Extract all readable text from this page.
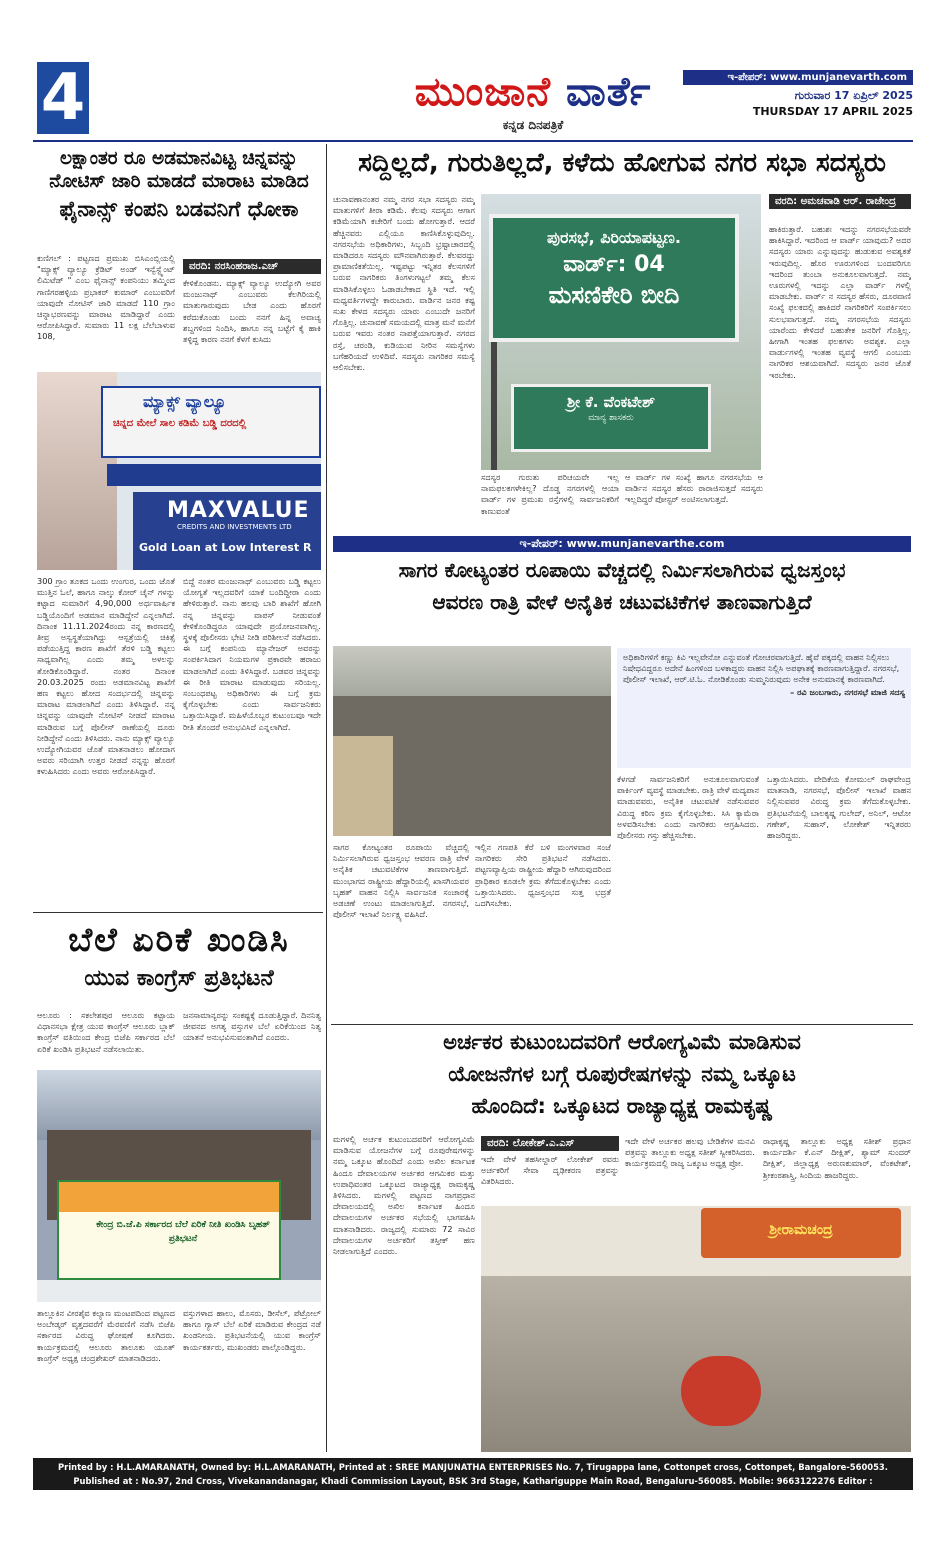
4	ಮುಂಜಾನೆ ವಾರ್ತೆ
ಕನ್ನಡ ದಿನಪತ್ರಿಕೆ
ಇ-ಪೇಪರ್: www.munjanevarth.com
ಗುರುವಾರ 17 ಏಪ್ರಿಲ್ 2025
THURSDAY 17 APRIL 2025
ಲಕ್ಷಾಂತರ ರೂ ಅಡಮಾನವಿಟ್ಟ ಚಿನ್ನವನ್ನು
ನೋಟಿಸ್ ಜಾರಿ ಮಾಡದೆ ಮಾರಾಟ ಮಾಡಿದ
ಫೈನಾನ್ಸ್ ಕಂಪನಿ ಬಡವನಿಗೆ ಧೋಕಾ
ಕುಣಿಗಲ್ : ಪಟ್ಟಣದ ಪ್ರಮುಖ ಬಿಸಿಎಂಬ್ಲಿಯಲ್ಲಿ "ಮ್ಯಾಕ್ಸ್ ವ್ಯಾಲ್ಯೂ ಕ್ರೆಡಿಟ್ ಅಂಡ್ ಇನ್ವೆಸ್ಟ್ಮೆಂಟ್ ಲಿಮಿಟೆಡ್ " ಎಂಬ ಫೈನಾನ್ಸ್ ಕಂಪನಿಯು ತಮ್ಮಿಂದ ಗಾಣಿಗರಹಳ್ಳಿಯ ಪ್ರಭಾಕರ್ ಕುಮಾರ್ ಎಂಬುವರಿಗೆ ಯಾವುದೇ ನೋಟಿಸ್ ಜಾರಿ ಮಾಡದೆ 110 ಗ್ರಾಂ ಚಿನ್ನಾಭರಣವನ್ನು ಮಾರಾಟ ಮಾಡಿದ್ದಾರೆ ಎಂದು ಆರೋಪಿಸಿದ್ದಾರೆ. ಸುಮಾರು 11 ಲಕ್ಷ ಬೆಲೆಬಾಳುವ 108,
ವರದಿ: ನರಸಿಂಹರಾಜ.ಎಚ್
ಕೇಳಿಕೊಂಡನು. ಮ್ಯಾಕ್ಸ್ ವ್ಯಾಲ್ಯೂ ಉದ್ಯೋಗಿ ಅವರ ಮಂಜುನಾಥ್ ಎಂಬುವರು ಕೆಲಗಿರಿಯಲ್ಲಿ ಮಾತುಗಾರುವುದು ಬೇಡ ಎಂದು ಹೊರಗೆ ಕರೆದುಕೊಂಡು ಬಂದು ನನಗೆ ಹಿನ್ನ ಅವಾಚ್ಯ ಶಬ್ದಗಳಿಂದ ನಿಂದಿಸಿ, ಹಾಗೂ ನನ್ನ ಬಟ್ಟೆಗೆ ಕೈ ಹಾಕಿ ತಳ್ಳಿದ್ದ ಕಾರಣ ನನಗೆ ಕೆಳಗೆ ಕುಸಿದು
ಮ್ಯಾಕ್ಸ್ ವ್ಯಾಲ್ಯೂ
ಚಿನ್ನದ ಮೇಲೆ ಸಾಲ ಕಡಿಮೆ ಬಡ್ಡಿ ದರದಲ್ಲಿ
MAXVALUE
CREDITS AND INVESTMENTS LTD
Gold Loan at Low Interest R
300 ಗ್ರಾಂ ತೂಕದ ಒಂದು ಉಂಗುರ, ಒಂದು ಜೊತೆ ಮುತ್ತಿನ ಓಲೆ, ಹಾಗೂ ನಾಲ್ಕು ಕೋರ್ ಚೈನ್ ಗಳನ್ನು ಕಟ್ಟಾದ ಸುಮಾರಿಗೆ 4,90,000 ಅರ್ಧವಾರ್ಷಿಕ ಬಡ್ಡಿಯೊಂದಿಗೆ ಅಡಮಾನ ಮಾಡಿದ್ದೇನೆ ಎನ್ನಲಾಗಿದೆ. ದಿನಾಂಕ 11.11.2024ರಂದು ನನ್ನ ಕಾರಣದಲ್ಲಿ ತೀವ್ರ ಅಸ್ವಸ್ಥತೆಯಾಗಿದ್ದು ಆಸ್ಪತ್ರೆಯಲ್ಲಿ ಚಿಕಿತ್ಸೆ ಪಡೆಯುತ್ತಿದ್ದ ಕಾರಣ ಶಾಖೆಗೆ ತೆರಳಿ ಬಡ್ಡಿ ಕಟ್ಟಲು ಸಾಧ್ಯವಾಗಿಲ್ಲ ಎಂದು ತಮ್ಮ ಅಳಲನ್ನು ತೋಡಿಕೊಂಡಿದ್ದಾರೆ. ನಂತರ ದಿನಾಂಕ 20.03.2025 ರಂದು ಅಡಮಾನವಿಟ್ಟ ಶಾಖೆಗೆ ಹಣ ಕಟ್ಟಲು ಹೋದ ಸಂದರ್ಭದಲ್ಲಿ ಚಿನ್ನವನ್ನು ಮಾರಾಟ ಮಾಡಲಾಗಿದೆ ಎಂದು ತಿಳಿಸಿದ್ದಾರೆ. ನನ್ನ ಚಿನ್ನವನ್ನು ಯಾವುದೇ ನೋಟಿಸ್ ನೀಡದೆ ಮಾರಾಟ ಮಾಡಿರುವ ಬಗ್ಗೆ ಪೊಲೀಸ್ ಠಾಣೆಯಲ್ಲಿ ದೂರು ನೀಡಿದ್ದೇನೆ ಎಂದು ತಿಳಿಸಿದರು. ನಾನು ಮ್ಯಾಕ್ಸ್ ವ್ಯಾಲ್ಯೂ ಉದ್ಯೋಗಿಯವರ ಜೊತೆ ಮಾತನಾಡಲು ಹೋದಾಗ ಅವರು ಸರಿಯಾಗಿ ಉತ್ತರ ನೀಡದೆ ನನ್ನನ್ನು ಹೊರಗೆ ಕಳುಹಿಸಿದರು ಎಂದು ಅವರು ಆರೋಪಿಸಿದ್ದಾರೆ.
ಬಿದ್ದೆ ನಂತರ ಮಂಜುನಾಥ್ ಎಂಬುವರು ಬಡ್ಡಿ ಕಟ್ಟಲು ಯೋಗ್ಯತೆ ಇಲ್ಲದವರಿಗೆ ಯಾಕೆ ಬಂದಿದ್ದೀರಾ ಎಂದು ಹೇಳಿರುತ್ತಾರೆ. ನಾನು ಹಲವು ಬಾರಿ ಶಾಖೆಗೆ ಹೋಗಿ ನನ್ನ ಚಿನ್ನವನ್ನು ವಾಪಸ್ ನೀಡುವಂತೆ ಕೇಳಿಕೊಂಡಿದ್ದರೂ ಯಾವುದೇ ಪ್ರಯೋಜನವಾಗಿಲ್ಲ. ಸ್ಥಳಕ್ಕೆ ಪೊಲೀಸರು ಭೇಟಿ ನೀಡಿ ಪರಿಶೀಲನೆ ನಡೆಸಿದರು. ಈ ಬಗ್ಗೆ ಕಂಪನಿಯ ಮ್ಯಾನೇಜರ್ ಅವರನ್ನು ಸಂಪರ್ಕಿಸಿದಾಗ ನಿಯಮಗಳ ಪ್ರಕಾರವೇ ಹರಾಜು ಮಾಡಲಾಗಿದೆ ಎಂದು ತಿಳಿಸಿದ್ದಾರೆ. ಬಡವರ ಚಿನ್ನವನ್ನು ಈ ರೀತಿ ಮಾರಾಟ ಮಾಡುವುದು ಸರಿಯಲ್ಲ. ಸಂಬಂಧಪಟ್ಟ ಅಧಿಕಾರಿಗಳು ಈ ಬಗ್ಗೆ ಕ್ರಮ ಕೈಗೊಳ್ಳಬೇಕು ಎಂದು ಸಾರ್ವಜನಿಕರು ಒತ್ತಾಯಿಸಿದ್ದಾರೆ. ಮಹಿಳೆಯೊಬ್ಬರ ಕುಟುಂಬವೂ ಇದೇ ರೀತಿ ತೊಂದರೆ ಅನುಭವಿಸಿದೆ ಎನ್ನಲಾಗಿದೆ.
ಬೆಲೆ ಏರಿಕೆ ಖಂಡಿಸಿ
ಯುವ ಕಾಂಗ್ರೆಸ್ ಪ್ರತಿಭಟನೆ
ಆಲೂರು : ಸಕಲೇಶಪುರ ಆಲೂರು ಕಟ್ಟಾಯ ವಿಧಾನಸಭಾ ಕ್ಷೇತ್ರ ಯುವ ಕಾಂಗ್ರೆಸ್ ಆಲೂರು ಬ್ಲಾಕ್ ಕಾಂಗ್ರೆಸ್ ವತಿಯಿಂದ ಕೇಂದ್ರ ಬಿಜೆಪಿ ಸರ್ಕಾರದ ಬೆಲೆ ಏರಿಕೆ ಖಂಡಿಸಿ ಪ್ರತಿಭಟನೆ ನಡೆಸಲಾಯಿತು.
ಜನಸಾಮಾನ್ಯರನ್ನು ಸಂಕಷ್ಟಕ್ಕೆ ದೂಡುತ್ತಿದ್ದಾರೆ. ದಿನನಿತ್ಯ ಜೀವನದ ಅಗತ್ಯ ವಸ್ತುಗಳ ಬೆಲೆ ಏರಿಕೆಯಿಂದ ನಿತ್ಯ ಯಾತನೆ ಅನುಭವಿಸುವಂತಾಗಿದೆ ಎಂದರು.
ಕೇಂದ್ರ ಬಿ.ಜೆ.ಪಿ ಸರ್ಕಾರದ ಬೆಲೆ ಏರಿಕೆ ನೀತಿ ಖಂಡಿಸಿ ಬೃಹತ್ ಪ್ರತಿಭಟನೆ
ತಾಲ್ಲೂಕಿನ ವೀರಶೈವ ಕಲ್ಯಾಣ ಮಂಟಪದಿಂದ ಪಟ್ಟಣದ ಅಂಬೇಡ್ಕರ್ ವೃತ್ತದವರೆಗೆ ಮೆರವಣಿಗೆ ನಡೆಸಿ ಬಿಜೆಪಿ ಸರ್ಕಾರದ ವಿರುದ್ಧ ಘೋಷಣೆ ಕೂಗಿದರು. ಕಾರ್ಯಕ್ರಮದಲ್ಲಿ ಆಲೂರು ತಾಲೂಕು ಯೂತ್ ಕಾಂಗ್ರೆಸ್ ಅಧ್ಯಕ್ಷ ಚಂದ್ರಶೇಖರ್ ಮಾತನಾಡಿದರು.
ವಸ್ತುಗಳಾದ ಹಾಲು, ಮೊಸರು, ಡೀಸೆಲ್, ಪೆಟ್ರೋಲ್ ಹಾಗೂ ಗ್ಯಾಸ್ ಬೆಲೆ ಏರಿಕೆ ಮಾಡಿರುವ ಕೇಂದ್ರದ ನಡೆ ಖಂಡನೀಯ. ಪ್ರತಿಭಟನೆಯಲ್ಲಿ ಯುವ ಕಾಂಗ್ರೆಸ್ ಕಾರ್ಯಕರ್ತರು, ಮುಖಂಡರು ಪಾಲ್ಗೊಂಡಿದ್ದರು.
ಸದ್ದಿಲ್ಲದೆ, ಗುರುತಿಲ್ಲದೆ, ಕಳೆದು ಹೋಗುವ ನಗರ ಸಭಾ ಸದಸ್ಯರು
ಚುನಾವಣಾನಂತರ ನಮ್ಮ ನಗರ ಸಭಾ ಸದಸ್ಯರು ನಮ್ಮ ಮಾತುಗಳಿಗೆ ತೀರಾ ಕಡಿಮೆ. ಕೆಲವು ಸದಸ್ಯರು ಆಗಾಗ ಕಡಿಮೆಯಾಗಿ ಕಚೇರಿಗೆ ಬಂದು ಹೋಗುತ್ತಾರೆ. ಆದರೆ ಹೆಚ್ಚಿನವರು ಎಲ್ಲಿಯೂ ಕಾಣಿಸಿಕೊಳ್ಳುವುದಿಲ್ಲ. ನಗರಸಭೆಯ ಅಧಿಕಾರಿಗಳು, ಸಿಬ್ಬಂದಿ ಭ್ರಷ್ಟಾಚಾರದಲ್ಲಿ ಮಾಡಿದರೂ ಸದಸ್ಯರು ಮೌನವಾಗಿರುತ್ತಾರೆ. ಕೆಲವರದ್ದು ಪ್ರಾಮಾಣಿಕತೆಯಿಲ್ಲ. ಇಷ್ಟಪಟ್ಟು ಇನ್ನಿತರ ಕೆಲಸಗಳಿಗೆ ಬರುವ ನಾಗರಿಕರು ತಿಂಗಳುಗಟ್ಟಲೆ ತಮ್ಮ ಕೆಲಸ ಮಾಡಿಸಿಕೊಳ್ಳಲು ಓಡಾಡಬೇಕಾದ ಸ್ಥಿತಿ ಇದೆ. ಇಲ್ಲಿ ಮಧ್ಯವರ್ತಿಗಳದ್ದೇ ಕಾರುಬಾರು. ವಾರ್ಡಿನ ಜನರ ಕಷ್ಟ ಸುಖ ಕೇಳದ ಸದಸ್ಯರು ಯಾರು ಎಂಬುದೇ ಜನರಿಗೆ ಗೊತ್ತಿಲ್ಲ. ಚುನಾವಣೆ ಸಮಯದಲ್ಲಿ ಮಾತ್ರ ಮನೆ ಮನೆಗೆ ಬರುವ ಇವರು ನಂತರ ನಾಪತ್ತೆಯಾಗುತ್ತಾರೆ. ನಗರದ ರಸ್ತೆ, ಚರಂಡಿ, ಕುಡಿಯುವ ನೀರಿನ ಸಮಸ್ಯೆಗಳು ಬಗೆಹರಿಯದೆ ಉಳಿದಿವೆ. ಸದಸ್ಯರು ನಾಗರಿಕರ ಸಮಸ್ಯೆ ಆಲಿಸಬೇಕು.
ಪುರಸಭೆ, ಪಿರಿಯಾಪಟ್ಟಣ.
ವಾರ್ಡ್: 04
ಮಸಣಿಕೇರಿ ಬೀದಿ
ಶ್ರೀ ಕೆ. ವೆಂಕಟೇಶ್
ಮಾನ್ಯ ಶಾಸಕರು
ವರದಿ: ಅಮಚವಾಡಿ ಆರ್. ರಾಜೇಂದ್ರ
ಹಾಕಿರುತ್ತಾರೆ. ಬಹುಶಃ ಇದನ್ನು ನಗರಸಭೆಯವರೇ ಹಾಕಿಸಿದ್ದಾರೆ. ಇದರಿಂದ ಆ ವಾರ್ಡ್ ಯಾವುದು? ಅದರ ಸದಸ್ಯರು ಯಾರು ಎನ್ನುವುದನ್ನು ಹುಡುಕುವ ಅವಶ್ಯಕತೆ ಇರುವುದಿಲ್ಲ. ಹೊರ ಊರುಗಳಿಂದ ಬಂದವರಿಗೂ ಇದರಿಂದ ತುಂಬಾ ಅನುಕೂಲವಾಗುತ್ತದೆ. ನಮ್ಮ ಊರುಗಳಲ್ಲಿ ಇದನ್ನು ಎಲ್ಲಾ ವಾರ್ಡ್ ಗಳಲ್ಲಿ ಮಾಡಬೇಕು. ವಾರ್ಡ್ ನ ಸದಸ್ಯರ ಹೆಸರು, ದೂರವಾಣಿ ಸಂಖ್ಯೆ ಫಲಕದಲ್ಲಿ ಹಾಕಿದರೆ ನಾಗರಿಕರಿಗೆ ಸಂಪರ್ಕಿಸಲು ಸುಲಭವಾಗುತ್ತದೆ. ನಮ್ಮ ನಗರಸಭೆಯ ಸದಸ್ಯರು ಯಾರೆಂದು ಕೇಳಿದರೆ ಬಹುತೇಕ ಜನರಿಗೆ ಗೊತ್ತಿಲ್ಲ. ಹೀಗಾಗಿ ಇಂತಹ ಫಲಕಗಳು ಅವಶ್ಯಕ. ಎಲ್ಲಾ ವಾರ್ಡುಗಳಲ್ಲಿ ಇಂತಹ ವ್ಯವಸ್ಥೆ ಆಗಲಿ ಎಂಬುದು ನಾಗರಿಕರ ಆಶಯವಾಗಿದೆ. ಸದಸ್ಯರು ಜನರ ಜೊತೆ ಇರಬೇಕು.
ಸದಸ್ಯರ ಗುರುತು ಪರಿಚಯವೇ ಇಲ್ಲ ನಾಮಫಲಕಗಳೇಕಿಲ್ಲ? ದೊಡ್ಡ ನಗರಗಳಲ್ಲಿ ಆಯಾ ವಾರ್ಡ್ ಗಳ ಪ್ರಮುಖ ರಸ್ತೆಗಳಲ್ಲಿ ಸಾರ್ವಜನಿಕರಿಗೆ ಕಾಣುವಂತೆ
ಆ ವಾರ್ಡ್ ಗಳ ಸಂಖ್ಯೆ ಹಾಗೂ ನಗರಸಭೆಯ ಆ ವಾರ್ಡಿನ ಸದಸ್ಯರ ಹೆಸರು ರಾರಾಜಿಸುತ್ತದೆ ಸದಸ್ಯರು ಇಲ್ಲದಿದ್ದರೆ ಪೋಸ್ಟರ್ ಅಂಟಿಸಲಾಗುತ್ತದೆ.
ಇ-ಪೇಪರ್: www.munjanevarthe.com
ಸಾಗರ ಕೋಟ್ಯಂತರ ರೂಪಾಯಿ ವೆಚ್ಚದಲ್ಲಿ ನಿರ್ಮಿಸಲಾಗಿರುವ ಧ್ವಜಸ್ತಂಭ
ಆವರಣ ರಾತ್ರಿ ವೇಳೆ ಅನೈತಿಕ ಚಟುವಟಿಕೆಗಳ ತಾಣವಾಗುತ್ತಿದೆ
ಅಧಿಕಾರಿಗಳಿಗೆ ಕಣ್ಣು ಕಿವಿ ಇಲ್ಲವೇನೋ ಎನ್ನುವಂತೆ ಗೋಚರವಾಗುತ್ತಿದೆ. ಹೈವೆ ಪಕ್ಕದಲ್ಲಿ ವಾಹನ ನಿಲ್ಲಿಸಲು ನಿಷೇಧವಿದ್ದರೂ ಅದೇನೆ ಹಿಂಗಳಿಂದ ಬಳಕಾದ್ದರು ವಾಹನ ನಿಲ್ಲಿಸಿ ಅಪಘಾತಕ್ಕೆ ಕಾರಣವಾಗುತ್ತಿದ್ದಾರೆ. ನಗರಸಭೆ, ಪೊಲೀಸ್ ಇಲಾಖೆ, ಆರ್.ಟಿ.ಓ. ನೋಡಿಕೊಂಡು ಸುಮ್ಮನಿರುವುದು ಅನೇಕ ಅನುಮಾನಕ್ಕೆ ಕಾರಣವಾಗಿದೆ.
– ರವಿ ಜಂಬಗಾರು, ನಗರಸಭೆ ಮಾಜಿ ಸದಸ್ಯ
ಕೆಳಗಡೆ ಸಾರ್ವಜನಿಕರಿಗೆ ಅನುಕೂಲವಾಗುವಂತೆ ಪಾರ್ಕಿಂಗ್ ವ್ಯವಸ್ಥೆ ಮಾಡಬೇಕು. ರಾತ್ರಿ ವೇಳೆ ಮದ್ಯಪಾನ ಮಾಡುವವರು, ಅನೈತಿಕ ಚಟುವಟಿಕೆ ನಡೆಸುವವರ ವಿರುದ್ಧ ಕಠಿಣ ಕ್ರಮ ಕೈಗೊಳ್ಳಬೇಕು. ಸಿಸಿ ಕ್ಯಾಮೆರಾ ಅಳವಡಿಸಬೇಕು ಎಂದು ನಾಗರಿಕರು ಆಗ್ರಹಿಸಿದರು. ಪೊಲೀಸರು ಗಸ್ತು ಹೆಚ್ಚಿಸಬೇಕು.
ಒತ್ತಾಯಿಸಿದರು. ವೇದಿಕೆಯ ಕೋಮುಲ್ ರಾಘವೇಂದ್ರ ಮಾತನಾಡಿ, ನಗರಸಭೆ, ಪೊಲೀಸ್ ಇಲಾಖೆ ವಾಹನ ನಿಲ್ಲಿಸುವವರ ವಿರುದ್ಧ ಕ್ರಮ ತೆಗೆದುಕೊಳ್ಳಬೇಕು. ಪ್ರತಿಭಟನೆಯಲ್ಲಿ ಬಾಲಕೃಷ್ಣ ಗುಲೇದ್, ಅನಿಲ್, ಆಟೋ ಗಣೇಶ್, ಸುಹಾಸ್, ಲೋಕೇಶ್ ಇನ್ನಿತರರು ಹಾಜರಿದ್ದರು.
ಸಾಗರ ಕೋಟ್ಯಂತರ ರೂಪಾಯಿ ವೆಚ್ಚದಲ್ಲಿ ನಿರ್ಮಿಸಲಾಗಿರುವ ಧ್ವಜಸ್ತಂಭ ಆವರಣ ರಾತ್ರಿ ವೇಳೆ ಅನೈತಿಕ ಚಟುವಟಿಕೆಗಳ ತಾಣವಾಗುತ್ತಿದೆ. ಮುಂಭಾಗದ ರಾಷ್ಟ್ರೀಯ ಹೆದ್ದಾರಿಯಲ್ಲಿ ಖಾಸಗಿಯವರ ಬೃಹತ್ ವಾಹನ ನಿಲ್ಲಿಸಿ ಸಾರ್ವಜನಿಕ ಸಂಚಾರಕ್ಕೆ ಅಡಚಣೆ ಉಂಟು ಮಾಡಲಾಗುತ್ತಿದೆ. ನಗರಸಭೆ, ಪೊಲೀಸ್ ಇಲಾಖೆ ನಿರ್ಲಕ್ಷ್ಯ ವಹಿಸಿದೆ.
ಇಲ್ಲಿನ ಗಣಪತಿ ಕೆರೆ ಬಳಿ ಮಂಗಳವಾರ ಸಂಜೆ ನಾಗರಿಕರು ಸೇರಿ ಪ್ರತಿಭಟನೆ ನಡೆಸಿದರು. ಪಟ್ಟಣವ್ಯಾಪ್ತಿಯ ರಾಷ್ಟ್ರೀಯ ಹೆದ್ದಾರಿ ಆಗಿರುವುದರಿಂದ ಪ್ರಾಧಿಕಾರ ಕೂಡಲೇ ಕ್ರಮ ತೆಗೆದುಕೊಳ್ಳಬೇಕು ಎಂದು ಒತ್ತಾಯಿಸಿದರು. ಧ್ವಜಸ್ತಂಭದ ಸುತ್ತ ಭದ್ರತೆ ಒದಗಿಸಬೇಕು.
ಅರ್ಚಕರ ಕುಟುಂಬದವರಿಗೆ ಆರೋಗ್ಯವಿಮೆ ಮಾಡಿಸುವ
ಯೋಜನೆಗಳ ಬಗ್ಗೆ ರೂಪುರೇಷಗಳನ್ನು ನಮ್ಮ ಒಕ್ಕೂಟ
ಹೊಂದಿದೆ: ಒಕ್ಕೂಟದ ರಾಜ್ಯಾಧ್ಯಕ್ಷ ರಾಮಕೃಷ್ಣ
ಮಗಳಲ್ಲಿ ಅರ್ಚಕ ಕುಟುಂಬದವರಿಗೆ ಆರೋಗ್ಯವಿಮೆ ಮಾಡಿಸುವ ಯೋಜನೆಗಳ ಬಗ್ಗೆ ರೂಪುರೇಷಗಳನ್ನು ನಮ್ಮ ಒಕ್ಕೂಟ ಹೊಂದಿದೆ ಎಂದು ಅಖಿಲ ಕರ್ನಾಟಕ ಹಿಂದೂ ದೇವಾಲಯಗಳ ಅರ್ಚಕರ ಆಗಮಿಕರ ಮತ್ತು ಉಪಾಧಿವಂತರ ಒಕ್ಕೂಟದ ರಾಜ್ಯಾಧ್ಯಕ್ಷ ರಾಮಕೃಷ್ಣ ತಿಳಿಸಿದರು. ಮಗಳಲ್ಲಿ ಪಟ್ಟಣದ ನಾಗಪ್ರಧಾನ ದೇವಾಲಯದಲ್ಲಿ ಅಖಿಲ ಕರ್ನಾಟಕ ಹಿಂದೂ ದೇವಾಲಯಗಳ ಅರ್ಚಕರ ಸಭೆಯಲ್ಲಿ ಭಾಗವಹಿಸಿ ಮಾತನಾಡಿದರು. ರಾಜ್ಯದಲ್ಲಿ ಸುಮಾರು 72 ಸಾವಿರ ದೇವಾಲಯಗಳ ಅರ್ಚಕರಿಗೆ ತಸ್ತೀಕ್ ಹಣ ನೀಡಲಾಗುತ್ತಿದೆ ಎಂದರು.
ವರದಿ: ಲೋಕೇಶ್.ಎ.ಎಸ್
ಇದೇ ವೇಳೆ ತಹಸೀಲ್ದಾರ್ ಲೋಕೇಶ್ ರವರು ಅರ್ಚಕರಿಗೆ ಸೇವಾ ದೃಢೀಕರಣ ಪತ್ರವನ್ನು ವಿತರಿಸಿದರು.
ಇದೇ ವೇಳೆ ಅರ್ಚಕರ ಹಲವು ಬೇಡಿಕೆಗಳ ಮನವಿ ಪತ್ರವನ್ನು ತಾಲ್ಲೂಕು ಅಧ್ಯಕ್ಷ ಸತೀಶ್ ಸ್ವೀಕರಿಸಿದರು. ಕಾರ್ಯಕ್ರಮದಲ್ಲಿ ರಾಜ್ಯ ಒಕ್ಕೂಟ ಅಧ್ಯಕ್ಷ ಪ್ರೋ.
ರಾಧಾಕೃಷ್ಣ ತಾಲ್ಲೂಕು ಅಧ್ಯಕ್ಷ ಸತೀಶ್ ಪ್ರಧಾನ ಕಾರ್ಯದರ್ಶಿ ಕೆ.ಎನ್ ದೀಕ್ಷಿತ್, ಶ್ಯಾಮ್ ಸುಂದರ್ ದೀಕ್ಷಿತ್, ಜಿಲ್ಲಾಧ್ಯಕ್ಷ ಅರುಣಕುಮಾರ್, ವೆಂಕಟೇಶ್, ಶ್ರೀಕಂಠಶಾಸ್ತ್ರಿ, ಸಿಂದಿಯ ಹಾಜರಿದ್ದರು.
ಶ್ರೀರಾಮಚಂದ್ರ
Printed by : H.L.AMARANATH, Owned by: H.L.AMARANATH, Printed at : SREE MANJUNATHA ENTERPRISES No. 7, Tirugappa lane, Cottonpet cross, Cottonpet, Bangalore-560053.
Published at : No.97, 2nd Cross, Vivekanandanagar, Khadi Commission Layout, BSK 3rd Stage, Kathariguppe Main Road, Bengaluru-560085. Mobile: 9663122276 Editor : H.L.AMARANATH
